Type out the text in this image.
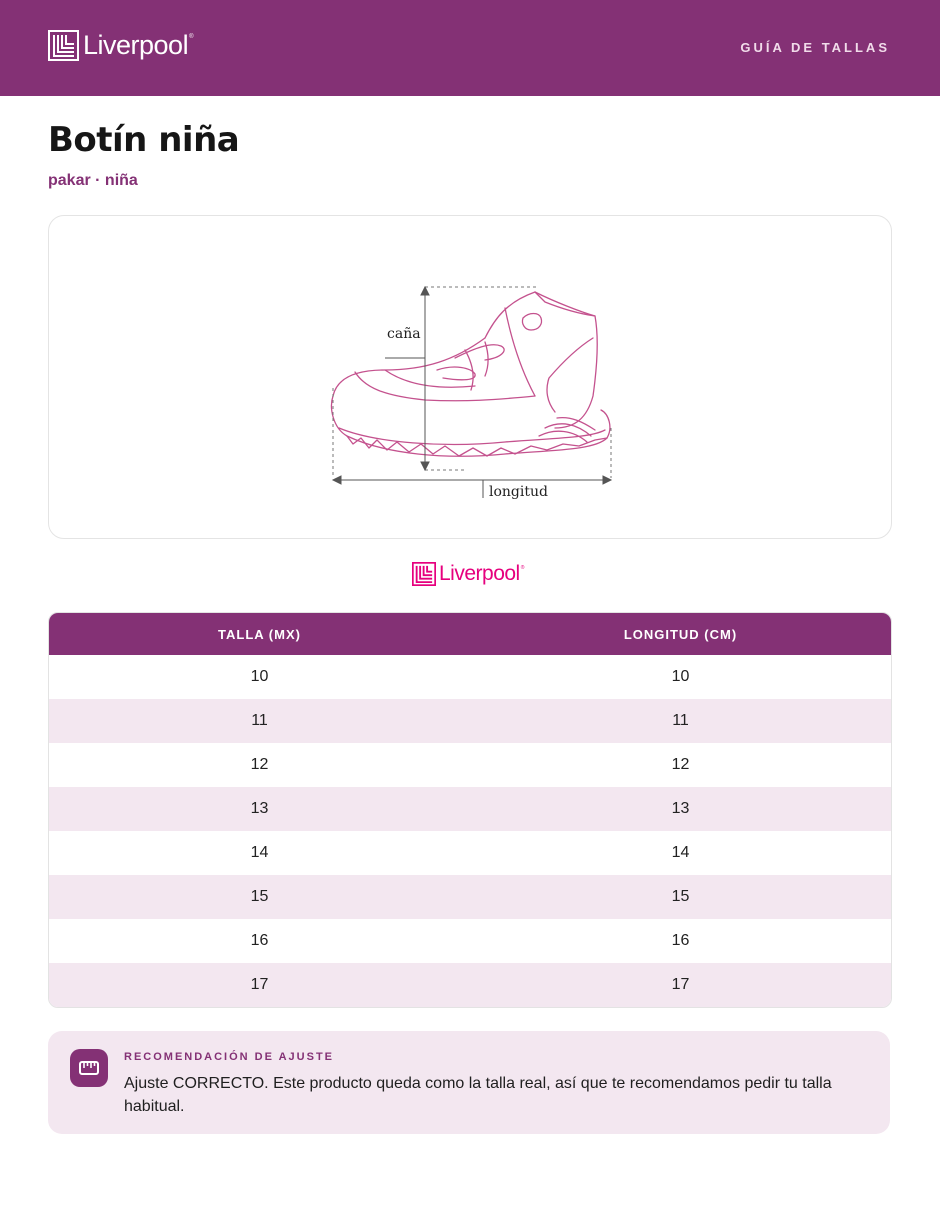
Liverpool ®
GUÍA DE TALLAS
Botín niña
pakar · niña
caña
longitud
Liverpool ®
TALLA (MX)	LONGITUD (CM)
10	10
11	11
12	12
13	13
14	14
15	15
16	16
17	17
RECOMENDACIÓN DE AJUSTE
Ajuste CORRECTO. Este producto queda como la talla real, así que te recomendamos pedir tu talla habitual.
